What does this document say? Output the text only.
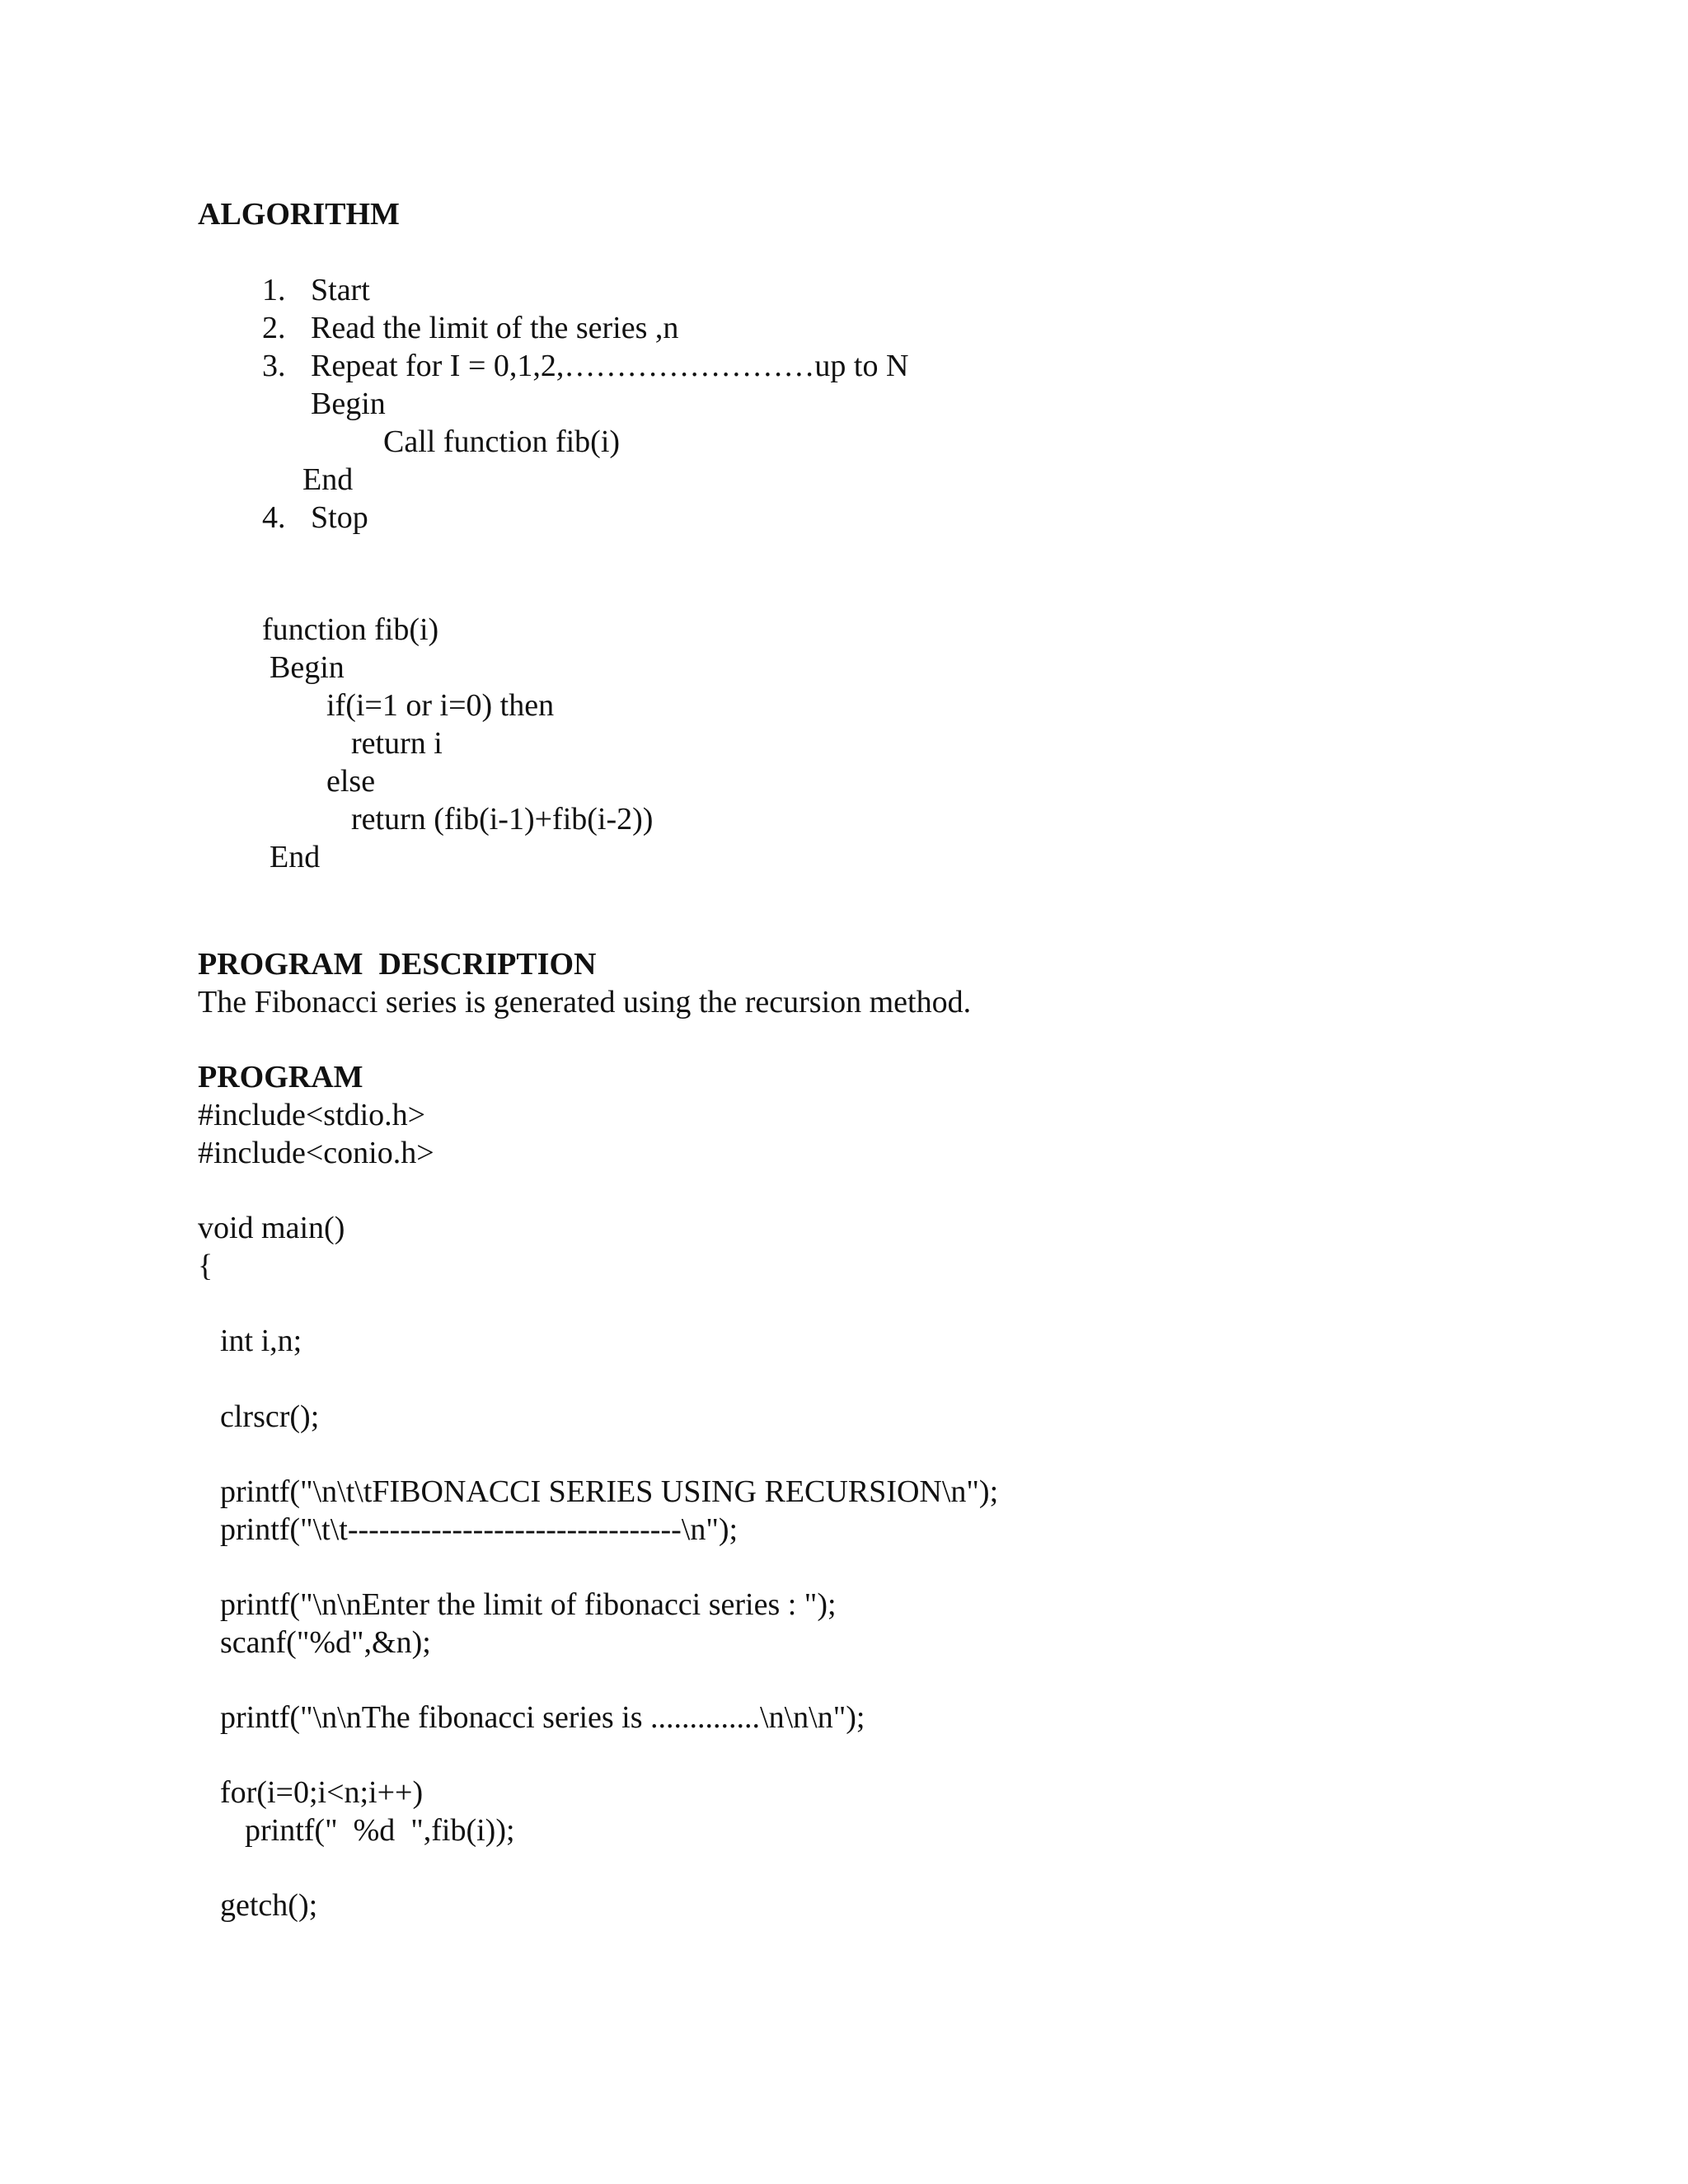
ALGORITHM
1. Start
2. Read the limit of the series ,n
3. Repeat for I = 0,1,2,……………………up to N
Begin
Call function fib(i)
End
4. Stop
function fib(i)
Begin
if(i=1 or i=0) then
return i
else
return (fib(i-1)+fib(i-2))
End
PROGRAM  DESCRIPTION
The Fibonacci series is generated using the recursion method.
PROGRAM
#include<stdio.h>
#include<conio.h>
void main()
{
int i,n;
clrscr();
printf("\n\t\tFIBONACCI SERIES USING RECURSION\n");
printf("\t\t--------------------------------\n");
printf("\n\nEnter the limit of fibonacci series : ");
scanf("%d",&n);
printf("\n\nThe fibonacci series is ..............\n\n\n");
for(i=0;i<n;i++)
printf("  %d  ",fib(i));
getch();
